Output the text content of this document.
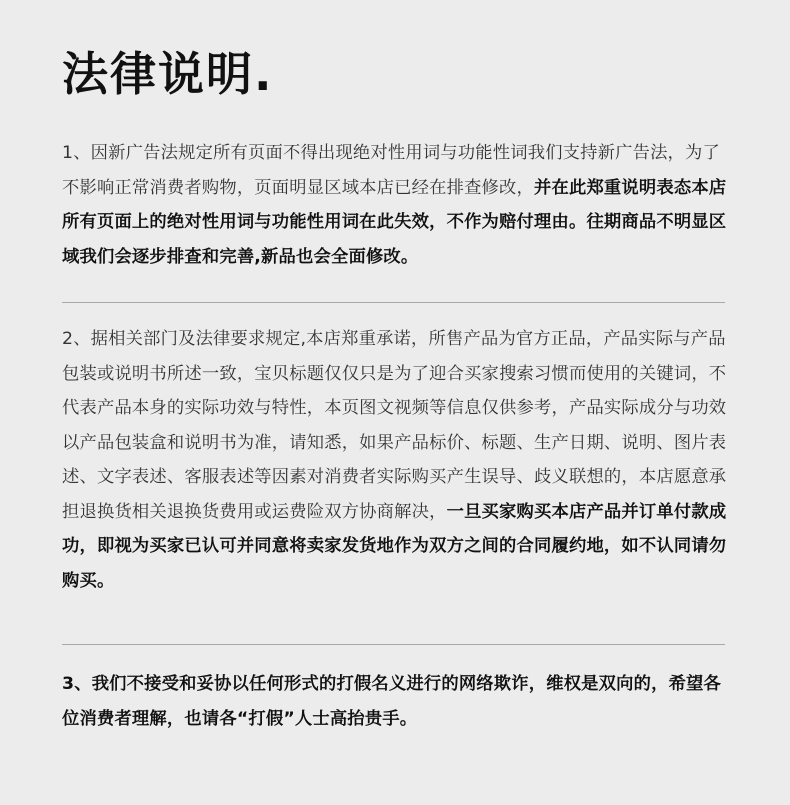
法律说明.

1、因新广告法规定所有页面不得出现绝对性用词与功能性词我们支持新广告法，为了不影响正常消费者购物，页面明显区域本店已经在排查修改，并在此郑重说明表态本店所有页面上的绝对性用词与功能性用词在此失效，不作为赔付理由。往期商品不明显区域我们会逐步排查和完善,新品也会全面修改。

2、据相关部门及法律要求规定,本店郑重承诺，所售产品为官方正品，产品实际与产品包装或说明书所述一致，宝贝标题仅仅只是为了迎合买家搜索习惯而使用的关键词，不代表产品本身的实际功效与特性，本页图文视频等信息仅供参考，产品实际成分与功效以产品包装盒和说明书为准，请知悉，如果产品标价、标题、生产日期、说明、图片表述、文字表述、客服表述等因素对消费者实际购买产生误导、歧义联想的，本店愿意承担退换货相关退换货费用或运费险双方协商解决，一旦买家购买本店产品并订单付款成功，即视为买家已认可并同意将卖家发货地作为双方之间的合同履约地，如不认同请勿购买。

3、我们不接受和妥协以任何形式的打假名义进行的网络欺诈，维权是双向的，希望各位消费者理解，也请各“打假”人士高抬贵手。
